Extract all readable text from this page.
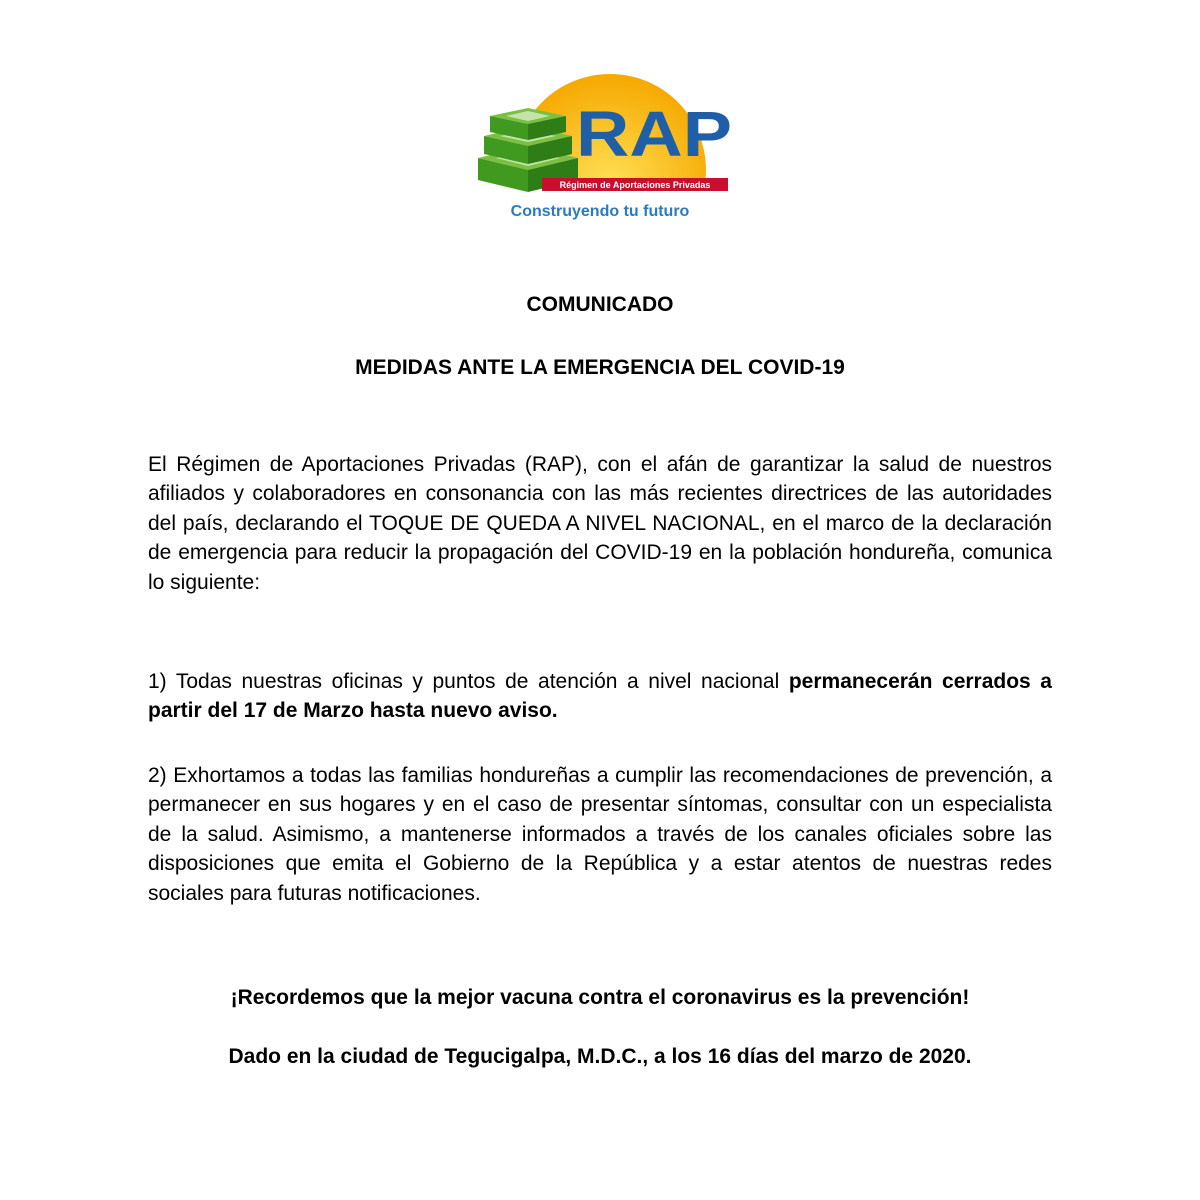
RAP
Régimen de Aportaciones Privadas
Construyendo tu futuro
COMUNICADO
MEDIDAS ANTE LA EMERGENCIA DEL COVID-19

El Régimen de Aportaciones Privadas (RAP), con el afán de garantizar la salud de nuestros afiliados y colaboradores en consonancia con las más recientes directrices de las autoridades del país, declarando el TOQUE DE QUEDA A NIVEL NACIONAL, en el marco de la declaración de emergencia para reducir la propagación del COVID-19 en la población hondureña, comunica lo siguiente:

1) Todas nuestras oficinas y puntos de atención a nivel nacional permanecerán cerrados a partir del 17 de Marzo hasta nuevo aviso.

2) Exhortamos a todas las familias hondureñas a cumplir las recomendaciones de prevención, a permanecer en sus hogares y en el caso de presentar síntomas, consultar con un especialista de la salud. Asimismo, a mantenerse informados a través de los canales oficiales sobre las disposiciones que emita el Gobierno de la República y a estar atentos de nuestras redes sociales para futuras notificaciones.

¡Recordemos que la mejor vacuna contra el coronavirus es la prevención!

Dado en la ciudad de Tegucigalpa, M.D.C., a los 16 días del marzo de 2020.
